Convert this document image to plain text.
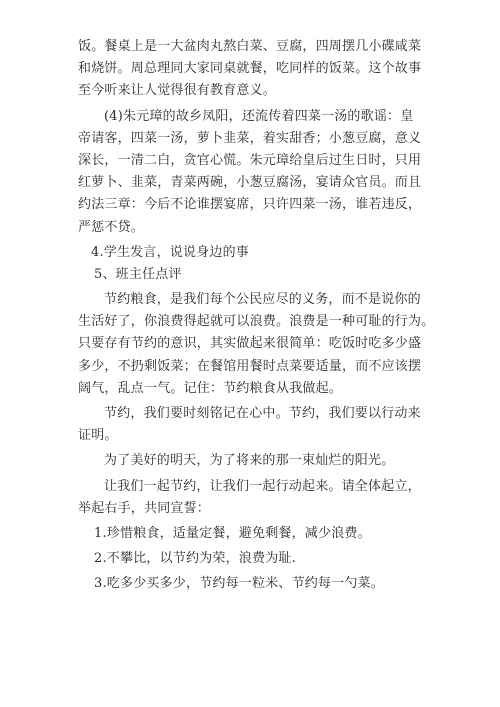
饭。餐桌上是一大盆肉丸熬白菜、豆腐，四周摆几小碟咸菜
和烧饼。周总理同大家同桌就餐，吃同样的饭菜。这个故事
至今听来让人觉得很有教育意义。
(4)朱元璋的故乡凤阳，还流传着四菜一汤的歌谣：皇
帝请客，四菜一汤，萝卜韭菜，着实甜香；小葱豆腐，意义
深长，一清二白，贪官心慌。朱元璋给皇后过生日时，只用
红萝卜、韭菜，青菜两碗，小葱豆腐汤，宴请众官员。而且
约法三章：今后不论谁摆宴席，只许四菜一汤，谁若违反，
严惩不贷。
4.学生发言，说说身边的事
5、班主任点评
节约粮食，是我们每个公民应尽的义务，而不是说你的
生活好了，你浪费得起就可以浪费。浪费是一种可耻的行为。
只要存有节约的意识，其实做起来很简单：吃饭时吃多少盛
多少，不扔剩饭菜；在餐馆用餐时点菜要适量，而不应该摆
阔气，乱点一气。记住：节约粮食从我做起。
节约，我们要时刻铭记在心中。节约，我们要以行动来
证明。
为了美好的明天，为了将来的那一束灿烂的阳光。
让我们一起节约，让我们一起行动起来。请全体起立，
举起右手，共同宣誓：
1.珍惜粮食，适量定餐，避免剩餐，减少浪费。
2.不攀比，以节约为荣，浪费为耻.
3.吃多少买多少，节约每一粒米、节约每一勺菜。
